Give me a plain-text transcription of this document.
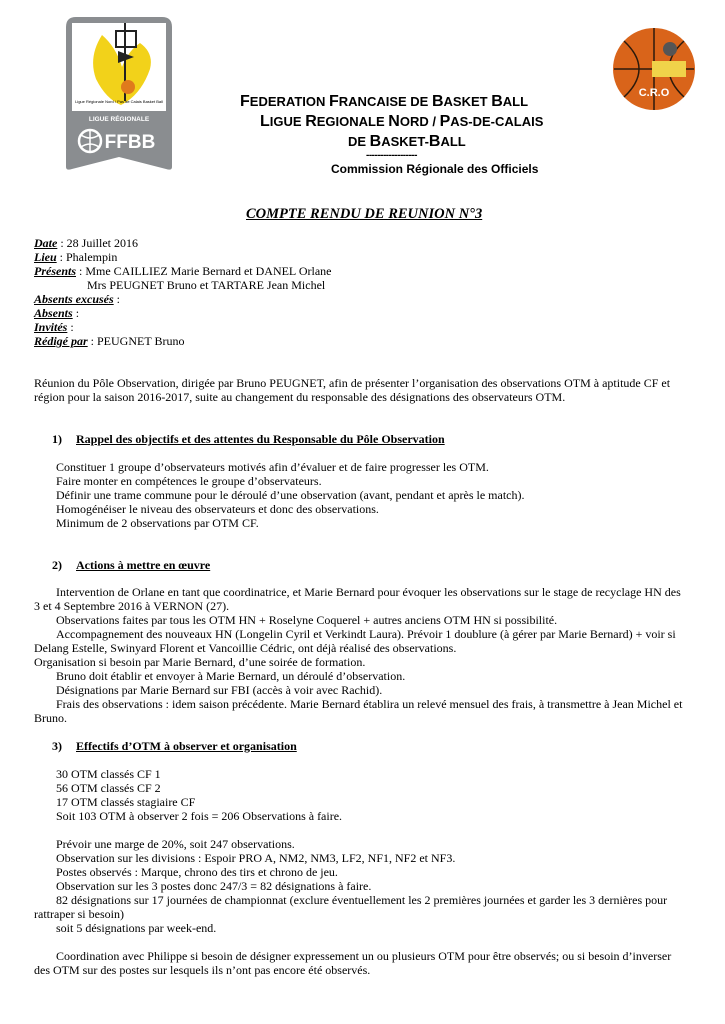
Ligue Régionale Nord / Pas de Calais Basket Ball
LIGUE RÉGIONALE
FFBB
C.R.O
FEDERATION FRANCAISE DE BASKET BALL
LIGUE REGIONALE NORD / PAS-DE-CALAIS
DE BASKET-BALL
------------------
Commission Régionale des Officiels
COMPTE RENDU DE REUNION N°3
Date : 28 Juillet 2016
Lieu : Phalempin
Présents : Mme CAILLIEZ Marie Bernard et DANEL Orlane
Mrs PEUGNET Bruno et TARTARE Jean Michel
Absents excusés :
Absents :
Invités :
Rédigé par : PEUGNET Bruno
Réunion du Pôle Observation, dirigée par Bruno PEUGNET, afin de présenter l’organisation des observations OTM à aptitude CF et
région pour la saison 2016-2017, suite au changement du responsable des désignations des observateurs OTM.
1) Rappel des objectifs et des attentes du Responsable du Pôle Observation
Constituer 1 groupe d’observateurs motivés afin d’évaluer et de faire progresser les OTM.
Faire monter en compétences le groupe d’observateurs.
Définir une trame commune pour le déroulé d’une observation (avant, pendant et après le match).
Homogénéiser le niveau des observateurs et donc des observations.
Minimum de 2 observations par OTM CF.
2) Actions à mettre en œuvre
Intervention de Orlane en tant que coordinatrice, et Marie Bernard pour évoquer les observations sur le stage de recyclage HN des
3 et 4 Septembre 2016 à VERNON (27).
Observations faites par tous les OTM HN + Roselyne Coquerel + autres anciens OTM HN si possibilité.
Accompagnement des nouveaux HN (Longelin Cyril et Verkindt Laura). Prévoir 1 doublure (à gérer par Marie Bernard) + voir si
Delang Estelle, Swinyard Florent et Vancoillie Cédric, ont déjà réalisé des observations.
Organisation si besoin par Marie Bernard, d’une soirée de formation.
Bruno doit établir et envoyer à Marie Bernard, un déroulé d’observation.
Désignations par Marie Bernard sur FBI (accès à voir avec Rachid).
Frais des observations : idem saison précédente. Marie Bernard établira un relevé mensuel des frais, à transmettre à Jean Michel et
Bruno.
3) Effectifs d’OTM à observer et organisation
30 OTM classés CF 1
56 OTM classés CF 2
17 OTM classés stagiaire CF
Soit 103 OTM à observer 2 fois = 206 Observations à faire.
Prévoir une marge de 20%, soit 247 observations.
Observation sur les divisions : Espoir PRO A, NM2, NM3, LF2, NF1, NF2 et NF3.
Postes observés : Marque, chrono des tirs et chrono de jeu.
Observation sur les 3 postes donc 247/3 = 82 désignations à faire.
82 désignations sur 17 journées de championnat (exclure éventuellement les 2 premières journées et garder les 3 dernières pour
rattraper si besoin)
soit 5 désignations par week-end.
Coordination avec Philippe si besoin de désigner expressement un ou plusieurs OTM pour être observés; ou si besoin d’inverser
des OTM sur des postes sur lesquels ils n’ont pas encore été observés.
